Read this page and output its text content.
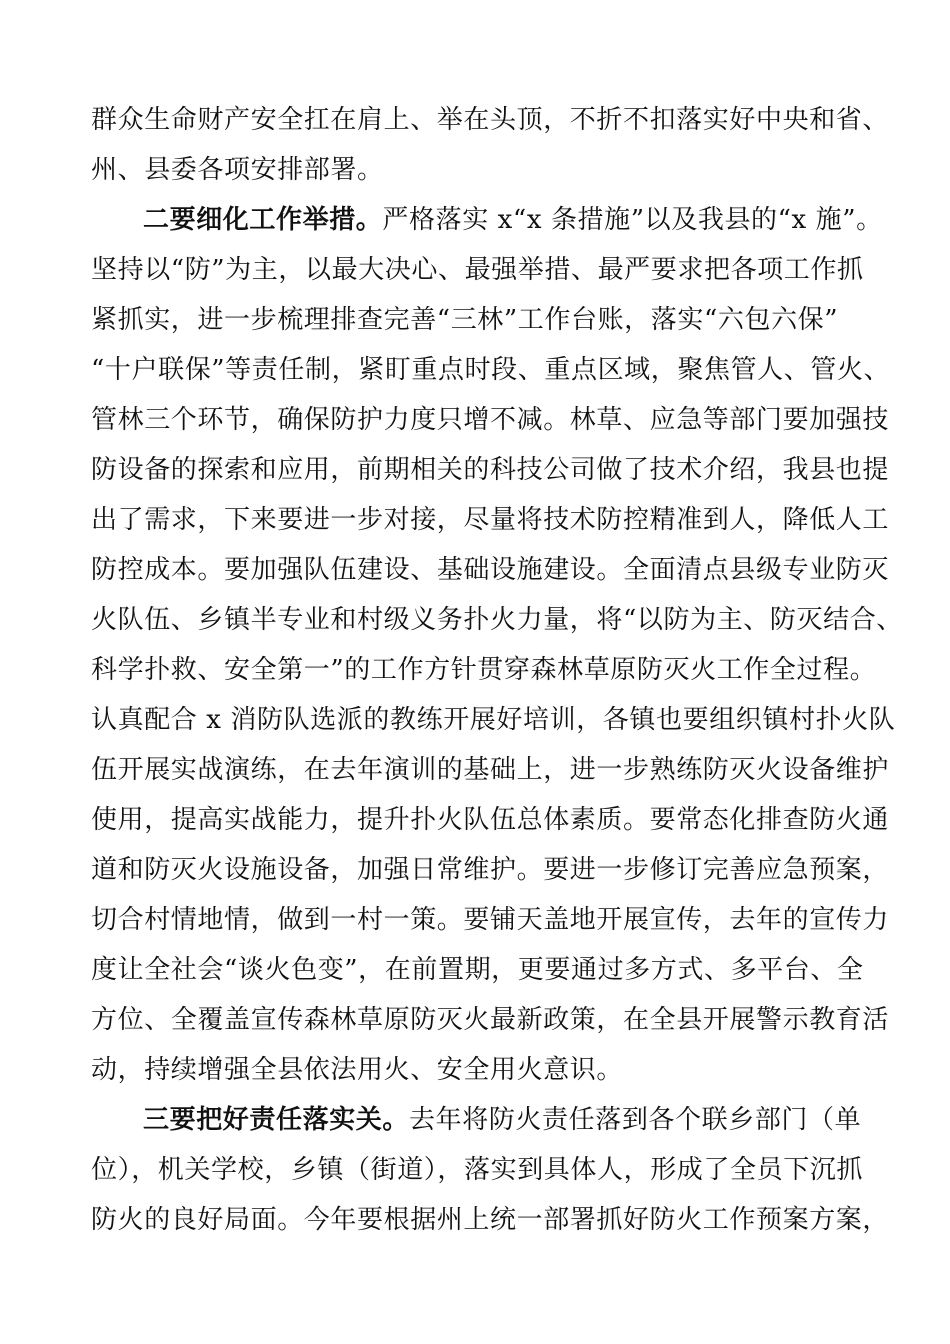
群众生命财产安全扛在肩上、举在头顶，不折不扣落实好中央和省、
州、县委各项安排部署。
二要细化工作举措。严格落实 x“x 条措施”以及我县的“x 施”。
坚持以“防”为主，以最大决心、最强举措、最严要求把各项工作抓
紧抓实，进一步梳理排查完善“三林”工作台账，落实“六包六保”
“十户联保”等责任制，紧盯重点时段、重点区域，聚焦管人、管火、
管林三个环节，确保防护力度只增不减。林草、应急等部门要加强技
防设备的探索和应用，前期相关的科技公司做了技术介绍，我县也提
出了需求，下来要进一步对接，尽量将技术防控精准到人，降低人工
防控成本。要加强队伍建设、基础设施建设。全面清点县级专业防灭
火队伍、乡镇半专业和村级义务扑火力量，将“以防为主、防灭结合、
科学扑救、安全第一”的工作方针贯穿森林草原防灭火工作全过程。
认真配合 x 消防队选派的教练开展好培训，各镇也要组织镇村扑火队
伍开展实战演练，在去年演训的基础上，进一步熟练防灭火设备维护
使用，提高实战能力，提升扑火队伍总体素质。要常态化排查防火通
道和防灭火设施设备，加强日常维护。要进一步修订完善应急预案，
切合村情地情，做到一村一策。要铺天盖地开展宣传，去年的宣传力
度让全社会“谈火色变”，在前置期，更要通过多方式、多平台、全
方位、全覆盖宣传森林草原防灭火最新政策，在全县开展警示教育活
动，持续增强全县依法用火、安全用火意识。
三要把好责任落实关。去年将防火责任落到各个联乡部门（单
位），机关学校，乡镇（街道），落实到具体人，形成了全员下沉抓
防火的良好局面。今年要根据州上统一部署抓好防火工作预案方案，
